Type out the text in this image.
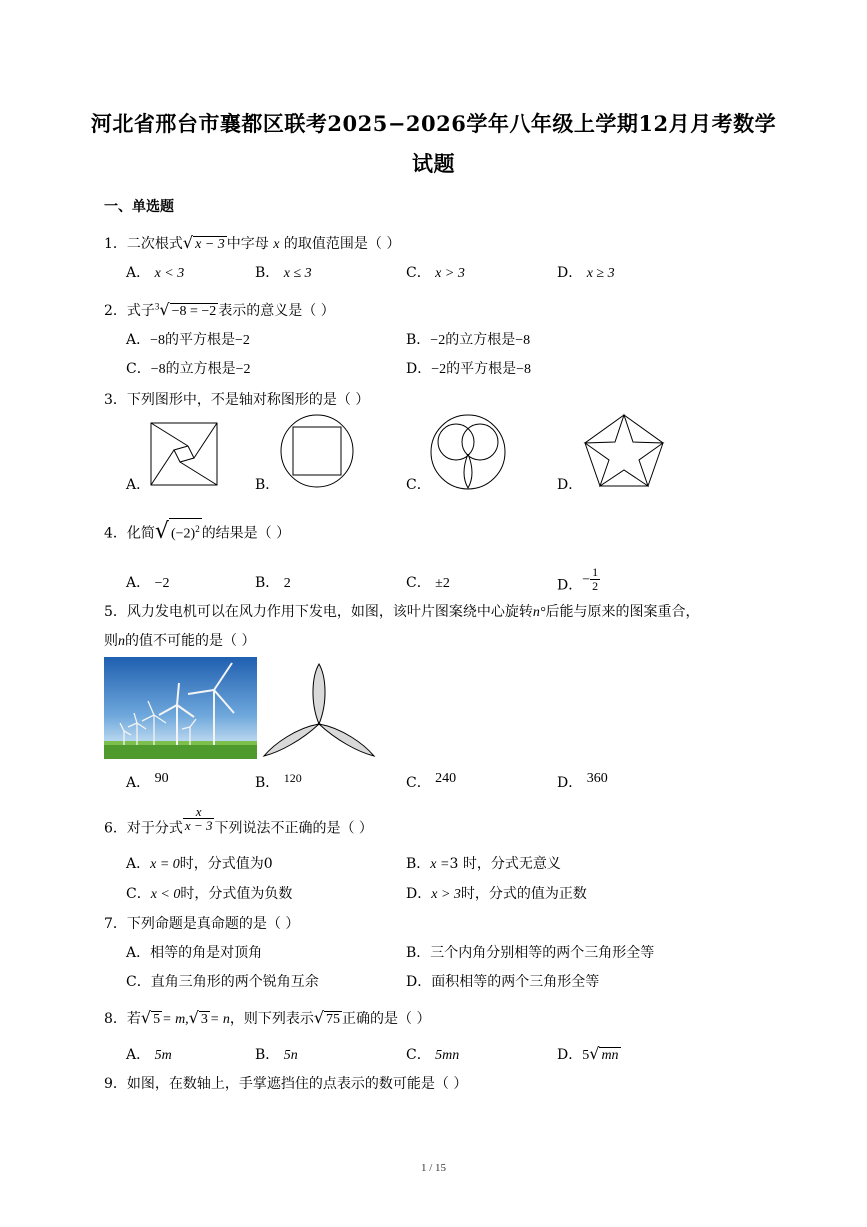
河北省邢台市襄都区联考2025−2026学年八年级上学期12月月考数学
试题
一、单选题
1．二次根式√ x − 3 中字母 x 的取值范围是（ ）
A． x < 3	B． x ≤ 3	C． x > 3	D． x ≥ 3
2．式子$^3$√ −8 = −2 表示的意义是（ ）
A．−8的平方根是−2	B．−2的立方根是−8
C．−8的立方根是−2	D．−2的平方根是−8
3．下列图形中，不是轴对称图形的是（ ）
A．	B．	C．	D．
4．化简√ $(-2)^2$ 的结果是（ ）
A． −2	B． 2	C． ±2	D．− $\frac{1}{2}$
5．风力发电机可以在风力作用下发电，如图，该叶片图案绕中心旋转n°后能与原来的图案重合，
则n的值不可能的是（ ）
A． 90	B． 120	C． 240	D． 360
6．对于分式 $\frac{x}{x - 3}$ 下列说法不正确的是（ ）
A．x = 0时，分式值为0	B．x =3 时，分式无意义
C．x < 0时，分式值为负数	D．x > 3时，分式的值为正数
7．下列命题是真命题的是（ ）
A．相等的角是对顶角	B．三个内角分别相等的两个三角形全等
C．直角三角形的两个锐角互余	D．面积相等的两个三角形全等
8．若√ 5 = m,√ 3 = n，则下列表示√ 75 正确的是（ ）
A． 5m	B． 5n	C． 5mn	D．5√ mn
9．如图，在数轴上，手掌遮挡住的点表示的数可能是（ ）
1 / 15
